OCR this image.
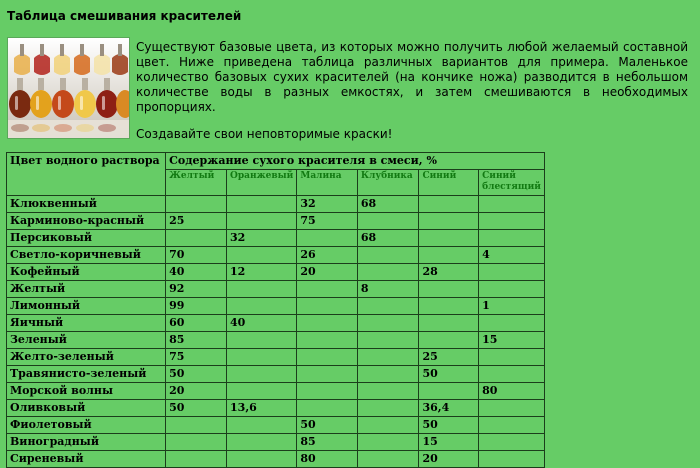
Таблица смешивания красителей

Существуют базовые цвета, из которых можно получить любой желаемый составной цвет. Ниже приведена таблица различных вариантов для примера. Маленькое количество базовых сухих красителей (на кончике ножа) разводится в небольшом количестве воды в разных емкостях, и затем смешиваются в необходимых пропорциях.

Создавайте свои неповторимые краски!

Цвет водного раствора	Содержание сухого красителя в смеси, %					
	Желтый	Оранжевый	Малина	Клубника	Синий	Синий блестящий
Клюквенный			32	68		
Карминово-красный	25		75			
Персиковый		32		68		
Светло-коричневый	70		26			4
Кофейный	40	12	20		28	
Желтый	92			8		
Лимонный	99					1
Яичный	60	40				
Зеленый	85					15
Желто-зеленый	75				25	
Травянисто-зеленый	50				50	
Морской волны	20					80
Оливковый	50	13,6			36,4	
Фиолетовый			50		50	
Виноградный			85		15	
Сиреневый			80		20	
